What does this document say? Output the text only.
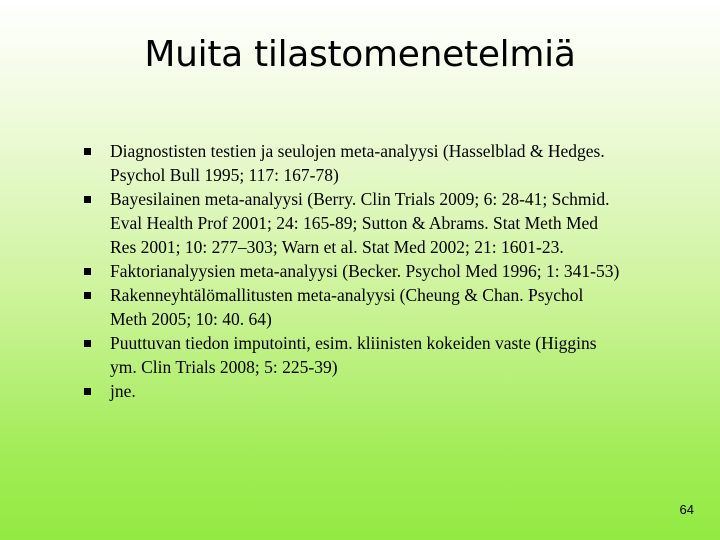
Muita tilastomenetelmiä
Diagnostisten testien ja seulojen meta-analyysi (Hasselblad & Hedges. Psychol Bull 1995; 117: 167-78)
Bayesilainen meta-analyysi (Berry. Clin Trials 2009; 6: 28-41; Schmid. Eval Health Prof 2001; 24: 165-89; Sutton & Abrams. Stat Meth Med Res 2001; 10: 277–303; Warn et al. Stat Med 2002; 21: 1601-23.
Faktorianalyysien meta-analyysi (Becker. Psychol Med 1996; 1: 341-53)
Rakenneyhtälömallitusten meta-analyysi (Cheung & Chan. Psychol Meth 2005; 10: 40. 64)
Puuttuvan tiedon imputointi, esim. kliinisten kokeiden vaste (Higgins ym. Clin Trials 2008; 5: 225-39)
jne.
64
